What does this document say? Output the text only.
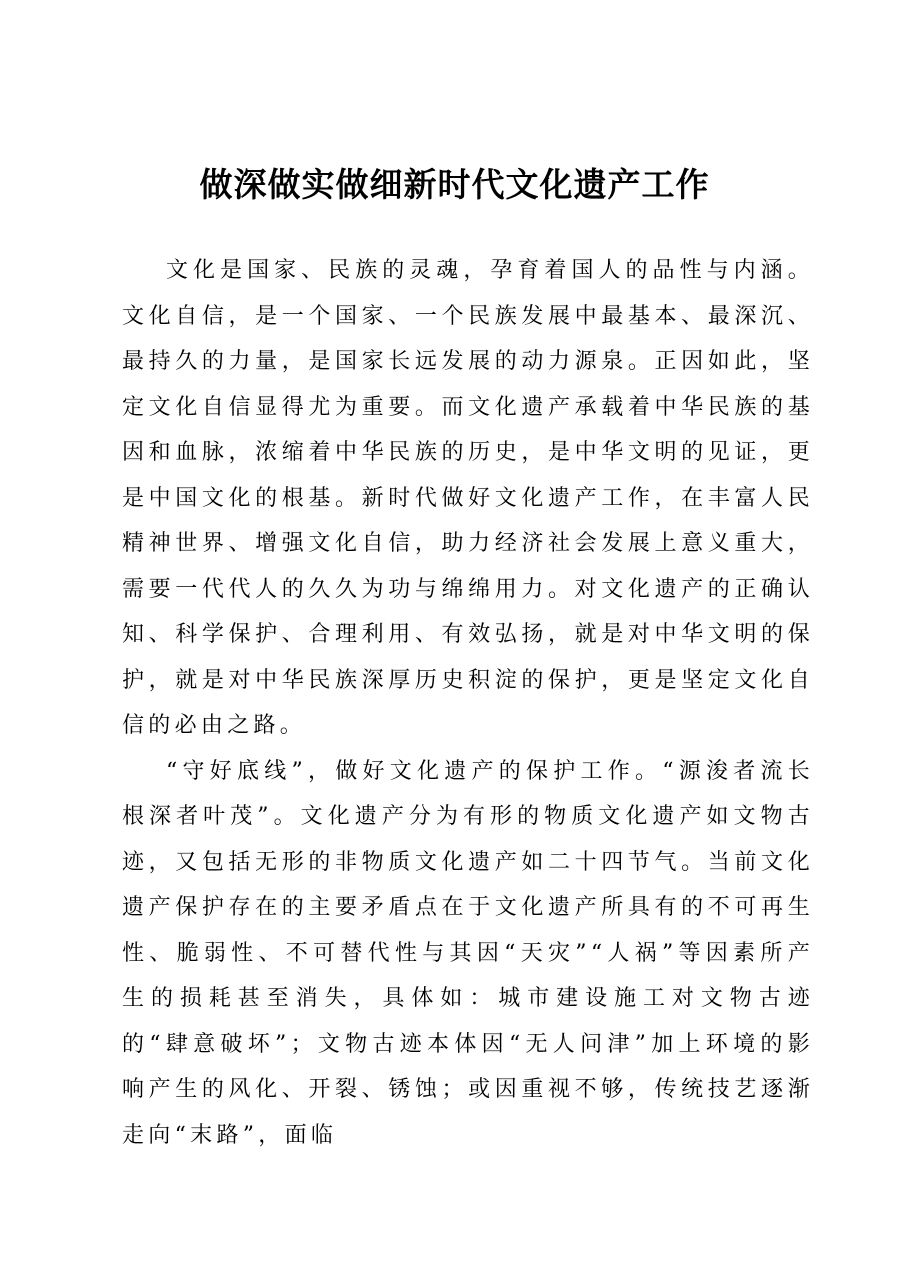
做深做实做细新时代文化遗产工作

文化是国家、民族的灵魂，孕育着国人的品性与内涵。文化自信，是一个国家、一个民族发展中最基本、最深沉、最持久的力量，是国家长远发展的动力源泉。正因如此，坚定文化自信显得尤为重要。而文化遗产承载着中华民族的基因和血脉，浓缩着中华民族的历史，是中华文明的见证，更是中国文化的根基。新时代做好文化遗产工作，在丰富人民精神世界、增强文化自信，助力经济社会发展上意义重大，需要一代代人的久久为功与绵绵用力。对文化遗产的正确认知、科学保护、合理利用、有效弘扬，就是对中华文明的保护，就是对中华民族深厚历史积淀的保护，更是坚定文化自信的必由之路。

“守好底线”，做好文化遗产的保护工作。“源浚者流长根深者叶茂”。文化遗产分为有形的物质文化遗产如文物古迹，又包括无形的非物质文化遗产如二十四节气。当前文化遗产保护存在的主要矛盾点在于文化遗产所具有的不可再生性、脆弱性、不可替代性与其因“天灾”“人祸”等因素所产生的损耗甚至消失，具体如：城市建设施工对文物古迹的“肆意破坏”；文物古迹本体因“无人问津”加上环境的影响产生的风化、开裂、锈蚀；或因重视不够，传统技艺逐渐走向“末路”，面临
